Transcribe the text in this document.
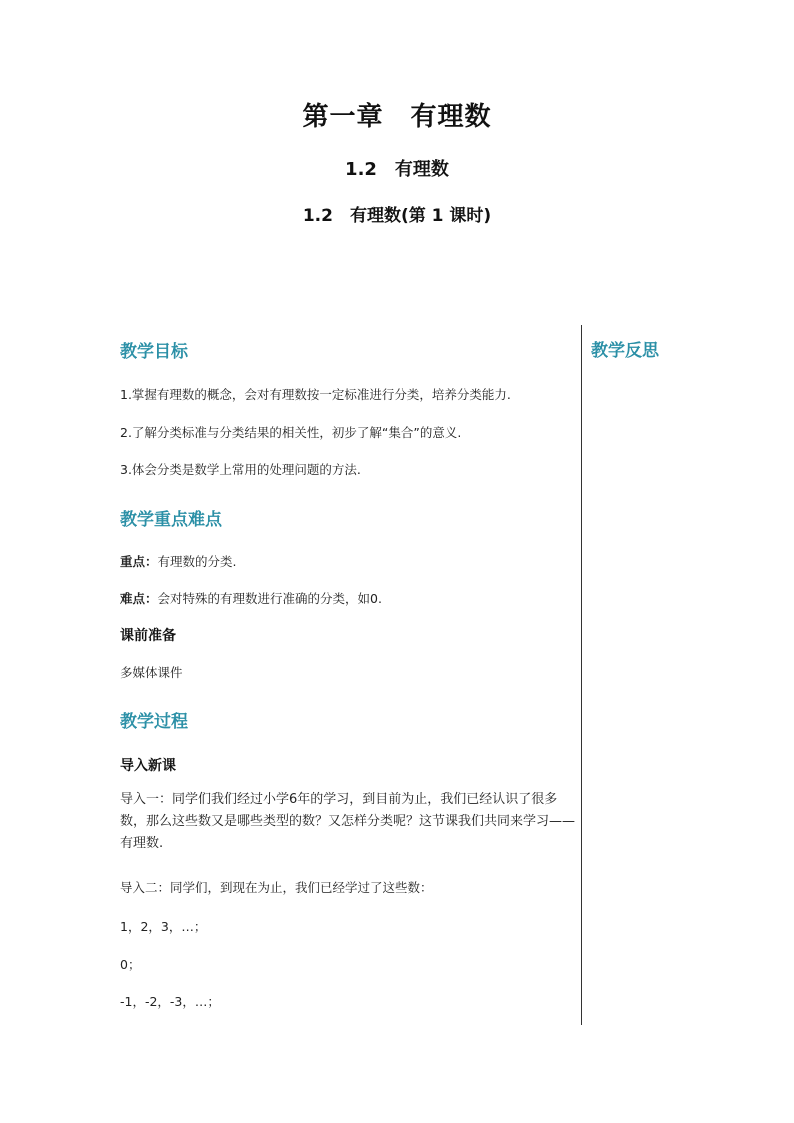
第一章　有理数
1.2　有理数
1.2　有理数(第 1 课时)
教学反思
教学目标
1.掌握有理数的概念，会对有理数按一定标准进行分类，培养分类能力.
2.了解分类标准与分类结果的相关性，初步了解“集合”的意义.
3.体会分类是数学上常用的处理问题的方法.
教学重点难点
重点：有理数的分类.
难点：会对特殊的有理数进行准确的分类，如0.
课前准备
多媒体课件
教学过程
导入新课
导入一：同学们我们经过小学6年的学习，到目前为止，我们已经认识了很多数，那么这些数又是哪些类型的数？又怎样分类呢？这节课我们共同来学习——有理数.
导入二：同学们，到现在为止，我们已经学过了这些数：
1，2，3，…；
0；
-1，-2，-3，…；
